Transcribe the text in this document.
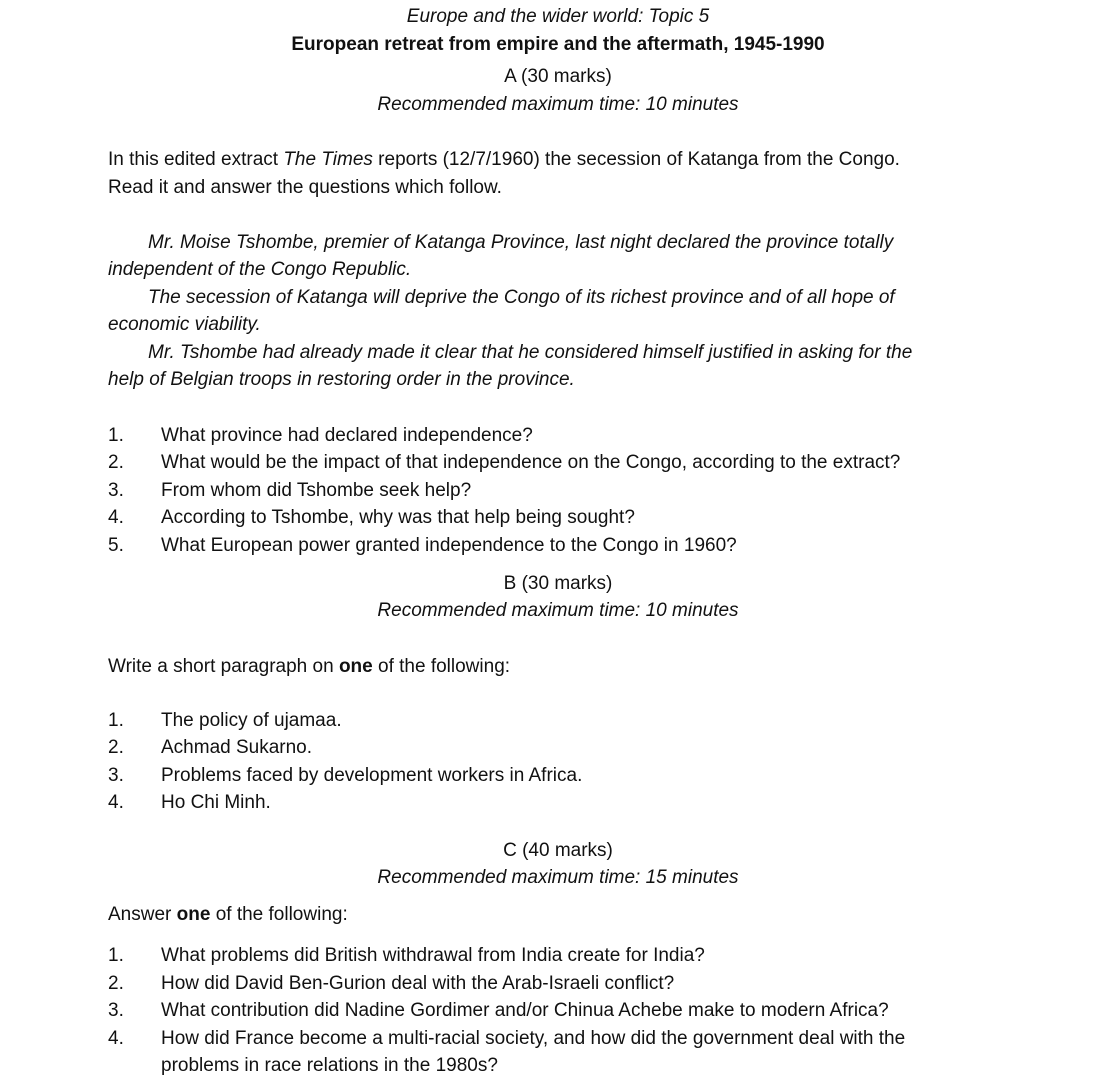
Europe and the wider world: Topic 5
European retreat from empire and the aftermath, 1945-1990
A (30 marks)
Recommended maximum time: 10 minutes
In this edited extract The Times reports (12/7/1960) the secession of Katanga from the Congo.
Read it and answer the questions which follow.
Mr. Moise Tshombe, premier of Katanga Province, last night declared the province totally
independent of the Congo Republic.
The secession of Katanga will deprive the Congo of its richest province and of all hope of
economic viability.
Mr. Tshombe had already made it clear that he considered himself justified in asking for the
help of Belgian troops in restoring order in the province.
1. What province had declared independence?
2. What would be the impact of that independence on the Congo, according to the extract?
3. From whom did Tshombe seek help?
4. According to Tshombe, why was that help being sought?
5. What European power granted independence to the Congo in 1960?
B (30 marks)
Recommended maximum time: 10 minutes
Write a short paragraph on one of the following:
1. The policy of ujamaa.
2. Achmad Sukarno.
3. Problems faced by development workers in Africa.
4. Ho Chi Minh.
C (40 marks)
Recommended maximum time: 15 minutes
Answer one of the following:
1. What problems did British withdrawal from India create for India?
2. How did David Ben-Gurion deal with the Arab-Israeli conflict?
3. What contribution did Nadine Gordimer and/or Chinua Achebe make to modern Africa?
4. How did France become a multi-racial society, and how did the government deal with the
problems in race relations in the 1980s?
